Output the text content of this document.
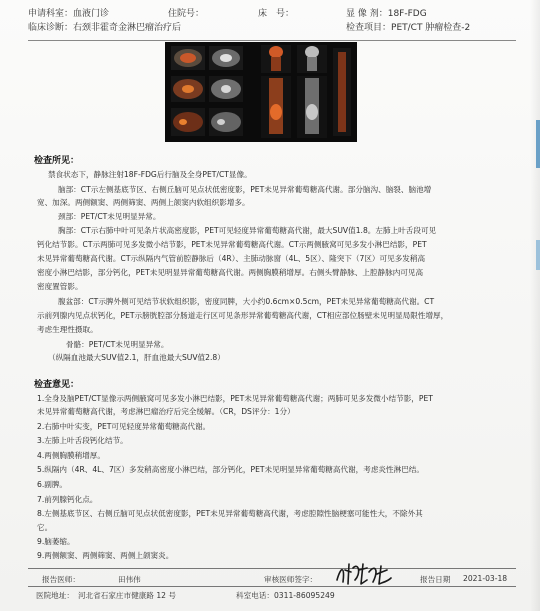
申请科室：血液门诊	住院号：	床　号：	显 像 剂：18F-FDG
临床诊断：右颈非霍奇金淋巴瘤治疗后	检查项目：PET/CT 肿瘤检查-2
检查所见：
禁食状态下，静脉注射18F-FDG后行脑及全身PET/CT显像。
脑部：CT示左侧基底节区、右侧丘脑可见点状低密度影，PET未见异常葡萄糖高代谢。部分脑沟、脑裂、脑池增
宽、加深。两侧额窦、两侧筛窦、两侧上颌窦内软组织影增多。
颈部：PET/CT未见明显异常。
胸部：CT示右肺中叶可见条片状高密度影，PET可见轻度异常葡萄糖高代谢，最大SUV值1.8。左肺上叶舌段可见
钙化结节影。CT示两肺可见多发微小结节影，PET未见异常葡萄糖高代谢。CT示两侧腋窝可见多发小淋巴结影，PET
未见异常葡萄糖高代谢。CT示纵隔内气管前腔静脉后（4R）、主肺动脉窗（4L、5区）、隆突下（7区）可见多发稍高
密度小淋巴结影，部分钙化，PET未见明显异常葡萄糖高代谢。两侧胸膜稍增厚。右侧头臂静脉、上腔静脉内可见高
密度置管影。
腹盆部：CT示脾外侧可见结节状软组织影，密度同脾，大小约0.6cm×0.5cm，PET未见异常葡萄糖高代谢。CT
示前列腺内见点状钙化，PET示膀胱腔部分肠道走行区可见条形异常葡萄糖高代谢，CT相应部位肠壁未见明显局限性增厚，
考虑生理性摄取。
骨骼：PET/CT未见明显异常。
（纵隔血池最大SUV值2.1，肝血池最大SUV值2.8）
检查意见：
1.全身及脑PET/CT显像示两侧腋窝可见多发小淋巴结影，PET未见异常葡萄糖高代谢；两肺可见多发微小结节影，PET
未见异常葡萄糖高代谢，考虑淋巴瘤治疗后完全缓解。（CR，DS评分：1分）
2.右肺中叶实变，PET可见轻度异常葡萄糖高代谢。
3.左肺上叶舌段钙化结节。
4.两侧胸膜稍增厚。
5.纵隔内（4R、4L、7区）多发稍高密度小淋巴结，部分钙化，PET未见明显异常葡萄糖高代谢，考虑炎性淋巴结。
6.副脾。
7.前列腺钙化点。
8.左侧基底节区、右侧丘脑可见点状低密度影，PET未见异常葡萄糖高代谢，考虑腔隙性脑梗塞可能性大，不除外其
它。
9.脑萎缩。
9.两侧额窦、两侧筛窦、两侧上颌窦炎。
报告医师：	田伟伟	审核医师签字：	报告日期 2021-03-18
医院地址： 河北省石家庄市健康路 12 号	科室电话：0311-86095249
